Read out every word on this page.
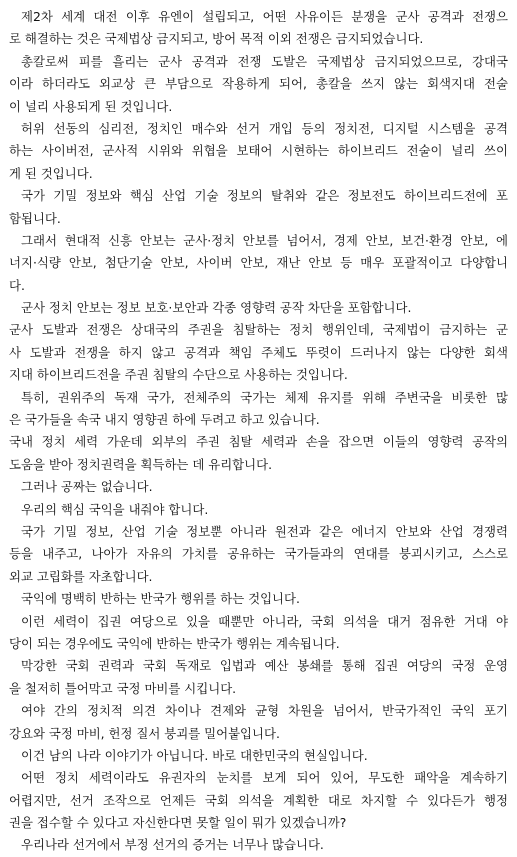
제2차 세계 대전 이후 유엔이 설립되고, 어떤 사유이든 분쟁을 군사 공격과 전쟁으
로 해결하는 것은 국제법상 금지되고, 방어 목적 이외 전쟁은 금지되었습니다.
총칼로써 피를 흘리는 군사 공격과 전쟁 도발은 국제법상 금지되었으므로, 강대국
이라 하더라도 외교상 큰 부담으로 작용하게 되어, 총칼을 쓰지 않는 회색지대 전술
이 널리 사용되게 된 것입니다.
허위 선동의 심리전, 정치인 매수와 선거 개입 등의 정치전, 디지털 시스템을 공격
하는 사이버전, 군사적 시위와 위협을 보태어 시현하는 하이브리드 전술이 널리 쓰이
게 된 것입니다.
국가 기밀 정보와 핵심 산업 기술 정보의 탈취와 같은 정보전도 하이브리드전에 포
함됩니다.
그래서 현대적 신흥 안보는 군사·정치 안보를 넘어서, 경제 안보, 보건·환경 안보, 에
너지·식량 안보, 첨단기술 안보, 사이버 안보, 재난 안보 등 매우 포괄적이고 다양합니
다.
군사 정치 안보는 정보 보호·보안과 각종 영향력 공작 차단을 포함합니다.
군사 도발과 전쟁은 상대국의 주권을 침탈하는 정치 행위인데, 국제법이 금지하는 군
사 도발과 전쟁을 하지 않고 공격과 책임 주체도 뚜렷이 드러나지 않는 다양한 회색
지대 하이브리드전을 주권 침탈의 수단으로 사용하는 것입니다.
특히, 권위주의 독재 국가, 전체주의 국가는 체제 유지를 위해 주변국을 비롯한 많
은 국가들을 속국 내지 영향권 하에 두려고 하고 있습니다.
국내 정치 세력 가운데 외부의 주권 침탈 세력과 손을 잡으면 이들의 영향력 공작의
도움을 받아 정치권력을 획득하는 데 유리합니다.
그러나 공짜는 없습니다.
우리의 핵심 국익을 내줘야 합니다.
국가 기밀 정보, 산업 기술 정보뿐 아니라 원전과 같은 에너지 안보와 산업 경쟁력
등을 내주고, 나아가 자유의 가치를 공유하는 국가들과의 연대를 붕괴시키고, 스스로
외교 고립화를 자초합니다.
국익에 명백히 반하는 반국가 행위를 하는 것입니다.
이런 세력이 집권 여당으로 있을 때뿐만 아니라, 국회 의석을 대거 점유한 거대 야
당이 되는 경우에도 국익에 반하는 반국가 행위는 계속됩니다.
막강한 국회 권력과 국회 독재로 입법과 예산 봉쇄를 통해 집권 여당의 국정 운영
을 철저히 틀어막고 국정 마비를 시킵니다.
여야 간의 정치적 의견 차이나 견제와 균형 차원을 넘어서, 반국가적인 국익 포기
강요와 국정 마비, 헌정 질서 붕괴를 밀어붙입니다.
이건 남의 나라 이야기가 아닙니다. 바로 대한민국의 현실입니다.
어떤 정치 세력이라도 유권자의 눈치를 보게 되어 있어, 무도한 패악을 계속하기
어렵지만, 선거 조작으로 언제든 국회 의석을 계획한 대로 차지할 수 있다든가 행정
권을 접수할 수 있다고 자신한다면 못할 일이 뭐가 있겠습니까?
우리나라 선거에서 부정 선거의 증거는 너무나 많습니다.
